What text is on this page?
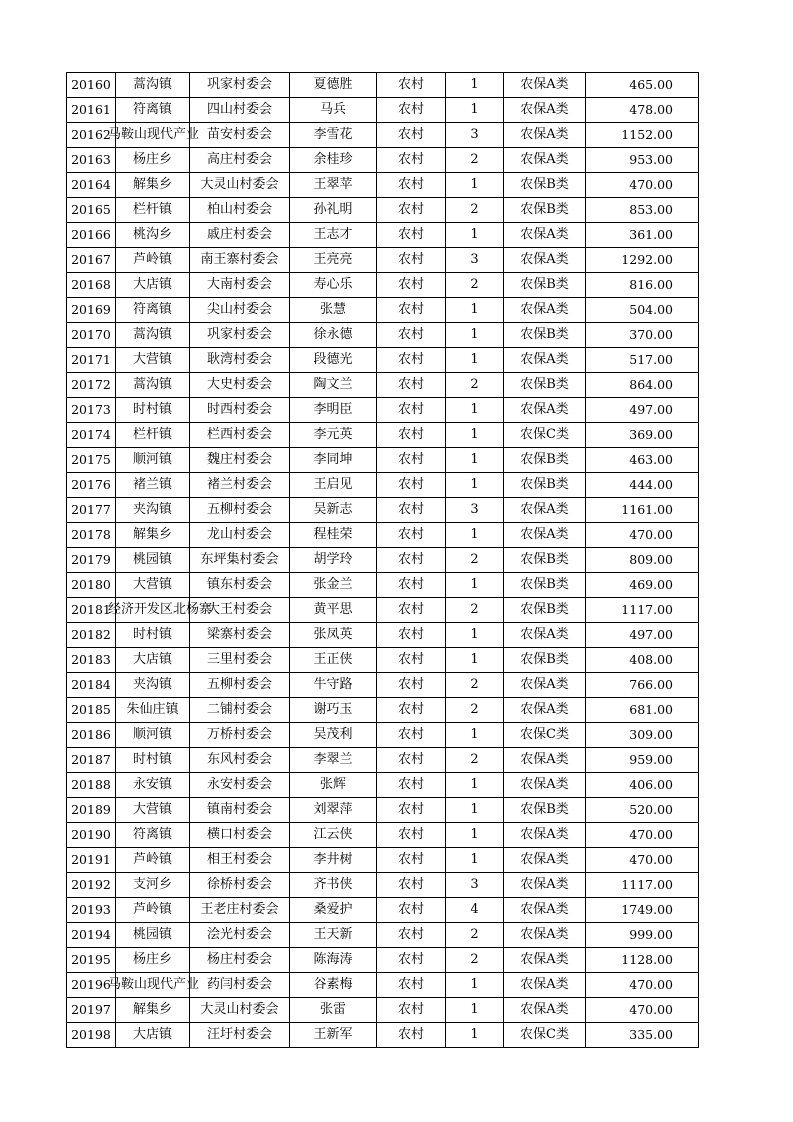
20160	蒿沟镇	巩家村委会	夏德胜	农村	1	农保A类	465.00
20161	符离镇	四山村委会	马兵	农村	1	农保A类	478.00
20162	马鞍山现代产业	苗安村委会	李雪花	农村	3	农保A类	1152.00
20163	杨庄乡	高庄村委会	余桂珍	农村	2	农保A类	953.00
20164	解集乡	大灵山村委会	王翠苹	农村	1	农保B类	470.00
20165	栏杆镇	柏山村委会	孙礼明	农村	2	农保B类	853.00
20166	桃沟乡	戚庄村委会	王志才	农村	1	农保A类	361.00
20167	芦岭镇	南王寨村委会	王亮亮	农村	3	农保A类	1292.00
20168	大店镇	大南村委会	寿心乐	农村	2	农保B类	816.00
20169	符离镇	尖山村委会	张慧	农村	1	农保A类	504.00
20170	蒿沟镇	巩家村委会	徐永德	农村	1	农保B类	370.00
20171	大营镇	耿湾村委会	段德光	农村	1	农保A类	517.00
20172	蒿沟镇	大史村委会	陶文兰	农村	2	农保B类	864.00
20173	时村镇	时西村委会	李明臣	农村	1	农保A类	497.00
20174	栏杆镇	栏西村委会	李元英	农村	1	农保C类	369.00
20175	顺河镇	魏庄村委会	李同坤	农村	1	农保B类	463.00
20176	褚兰镇	褚兰村委会	王启见	农村	1	农保B类	444.00
20177	夹沟镇	五柳村委会	吴新志	农村	3	农保A类	1161.00
20178	解集乡	龙山村委会	程桂荣	农村	1	农保A类	470.00
20179	桃园镇	东坪集村委会	胡学玲	农村	2	农保B类	809.00
20180	大营镇	镇东村委会	张金兰	农村	1	农保B类	469.00
20181	经济开发区北杨寨	大王村委会	黄平思	农村	2	农保B类	1117.00
20182	时村镇	梁寨村委会	张凤英	农村	1	农保A类	497.00
20183	大店镇	三里村委会	王正侠	农村	1	农保B类	408.00
20184	夹沟镇	五柳村委会	牛守路	农村	2	农保A类	766.00
20185	朱仙庄镇	二铺村委会	谢巧玉	农村	2	农保A类	681.00
20186	顺河镇	万桥村委会	吴茂利	农村	1	农保C类	309.00
20187	时村镇	东风村委会	李翠兰	农村	2	农保A类	959.00
20188	永安镇	永安村委会	张辉	农村	1	农保A类	406.00
20189	大营镇	镇南村委会	刘翠萍	农村	1	农保B类	520.00
20190	符离镇	横口村委会	江云侠	农村	1	农保A类	470.00
20191	芦岭镇	相王村委会	李井树	农村	1	农保A类	470.00
20192	支河乡	徐桥村委会	齐书侠	农村	3	农保A类	1117.00
20193	芦岭镇	王老庄村委会	桑爱护	农村	4	农保A类	1749.00
20194	桃园镇	浍光村委会	王天新	农村	2	农保A类	999.00
20195	杨庄乡	杨庄村委会	陈海涛	农村	2	农保A类	1128.00
20196	马鞍山现代产业	药闫村委会	谷素梅	农村	1	农保A类	470.00
20197	解集乡	大灵山村委会	张雷	农村	1	农保A类	470.00
20198	大店镇	汪圩村委会	王新军	农村	1	农保C类	335.00
